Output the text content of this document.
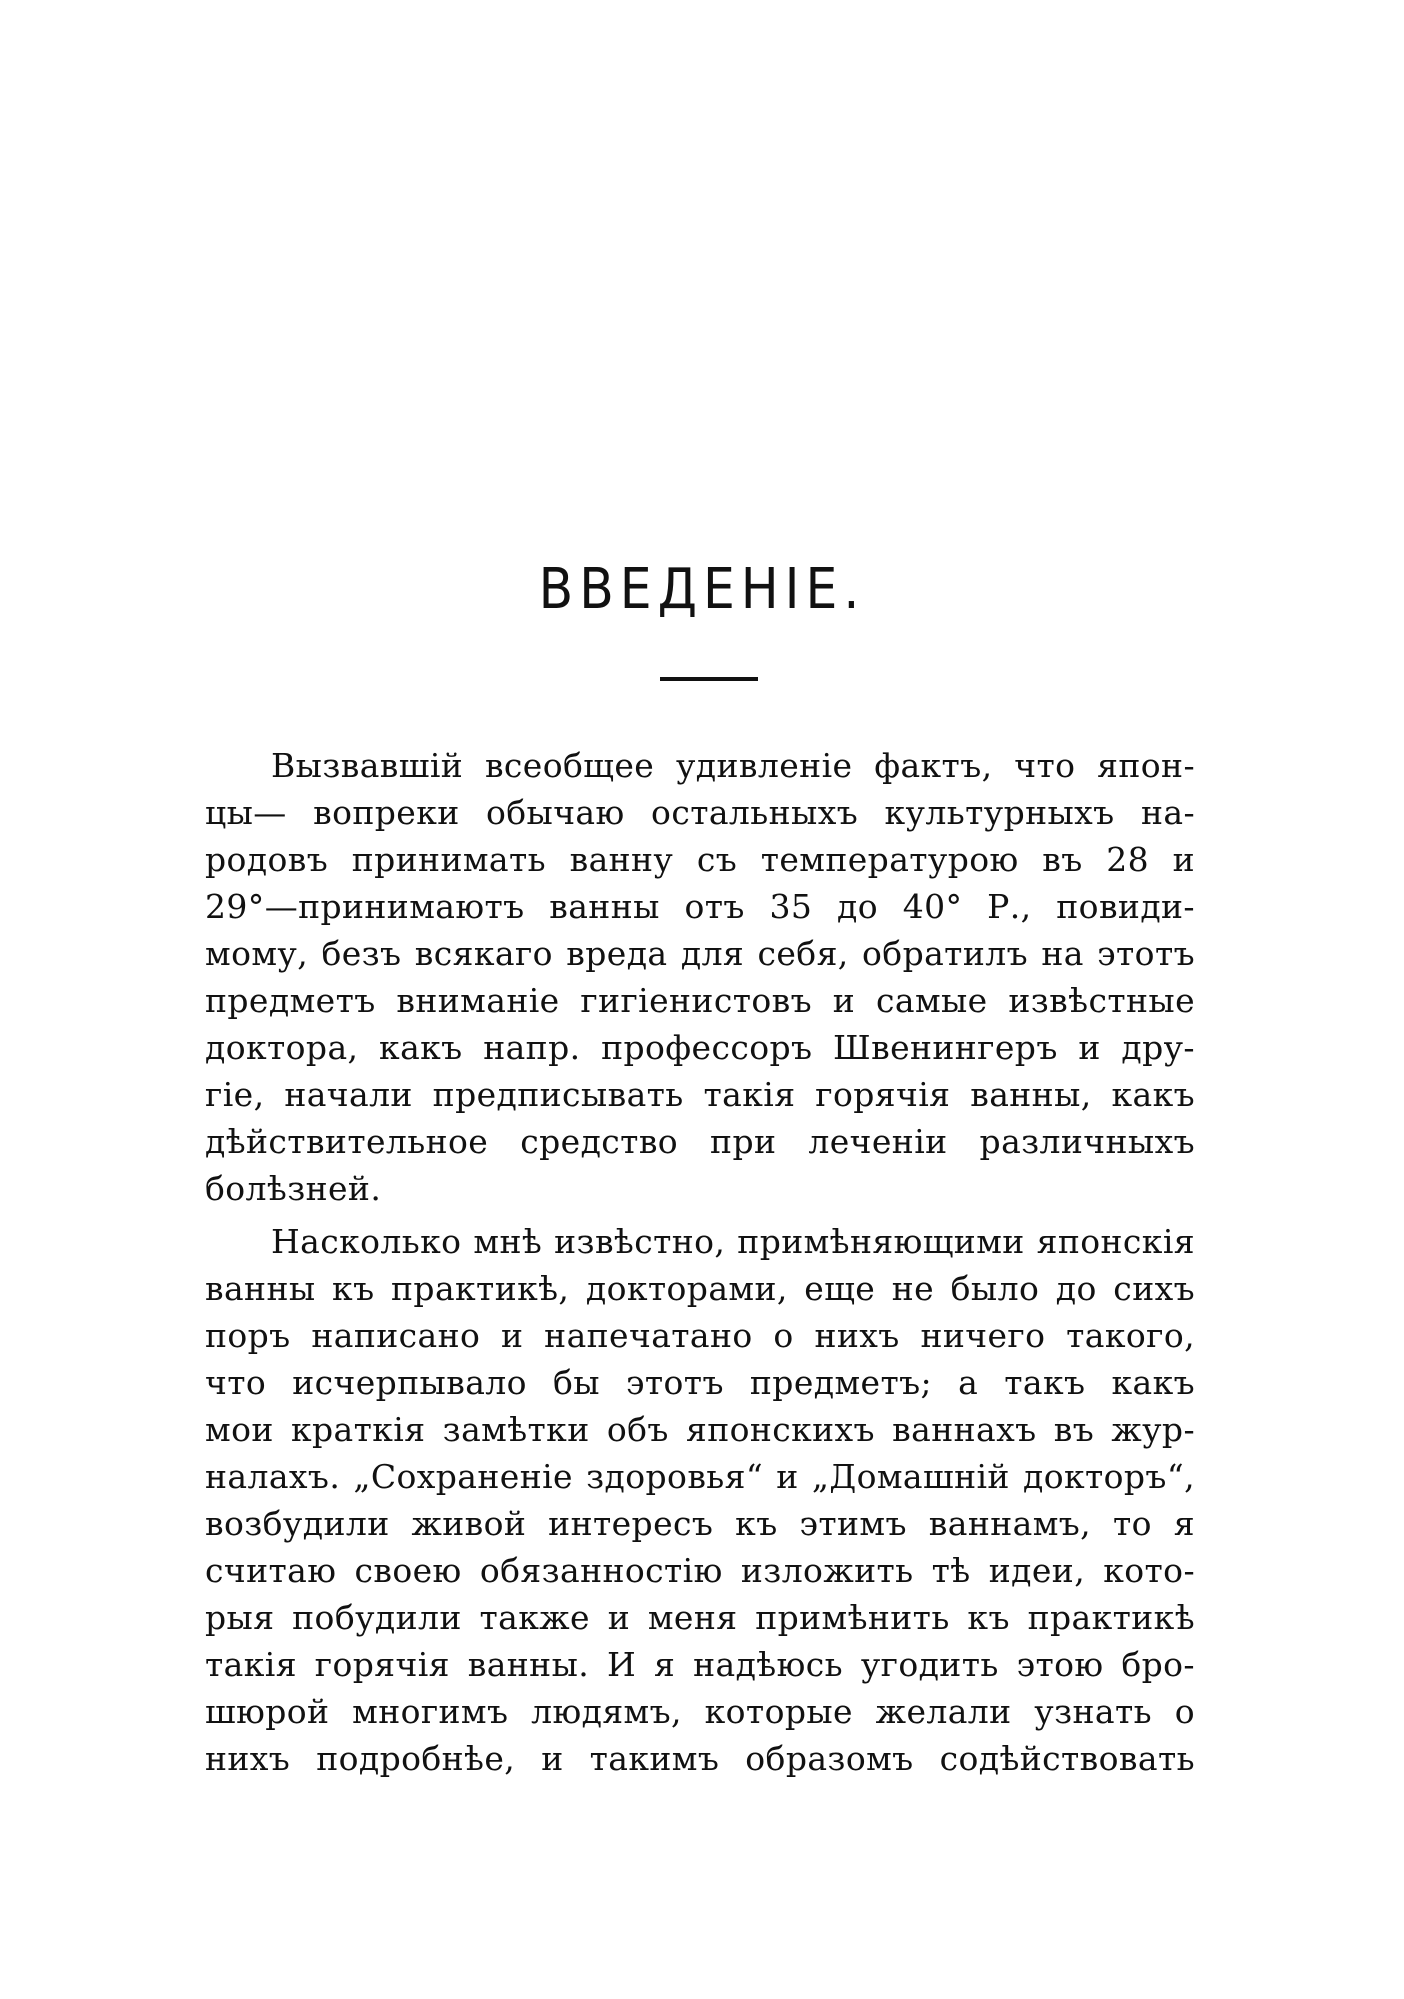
ВВЕДЕНІЕ.
Вызвавшій всеобщее удивленіе фактъ, что япон-
цы— вопреки обычаю остальныхъ культурныхъ на-
родовъ принимать ванну съ температурою въ 28 и
29°—принимаютъ ванны отъ 35 до 40° Р., повиди-
мому, безъ всякаго вреда для себя, обратилъ на этотъ
предметъ вниманіе гигіенистовъ и самые извѣстные
доктора, какъ напр. профессоръ Швенингеръ и дру-
гіе, начали предписывать такія горячія ванны, какъ
дѣйствительное средство при леченіи различныхъ
болѣзней.
Насколько мнѣ извѣстно, примѣняющими японскія
ванны къ практикѣ, докторами, еще не было до сихъ
поръ написано и напечатано о нихъ ничего такого,
что исчерпывало бы этотъ предметъ; а такъ какъ
мои краткія замѣтки объ японскихъ ваннахъ въ жур-
налахъ. „Сохраненіе здоровья“ и „Домашній докторъ“,
возбудили живой интересъ къ этимъ ваннамъ, то я
считаю своею обязанностію изложить тѣ идеи, кото-
рыя побудили также и меня примѣнить къ практикѣ
такія горячія ванны. И я надѣюсь угодить этою бро-
шюрой многимъ людямъ, которые желали узнать о
нихъ подробнѣе, и такимъ образомъ содѣйствовать
